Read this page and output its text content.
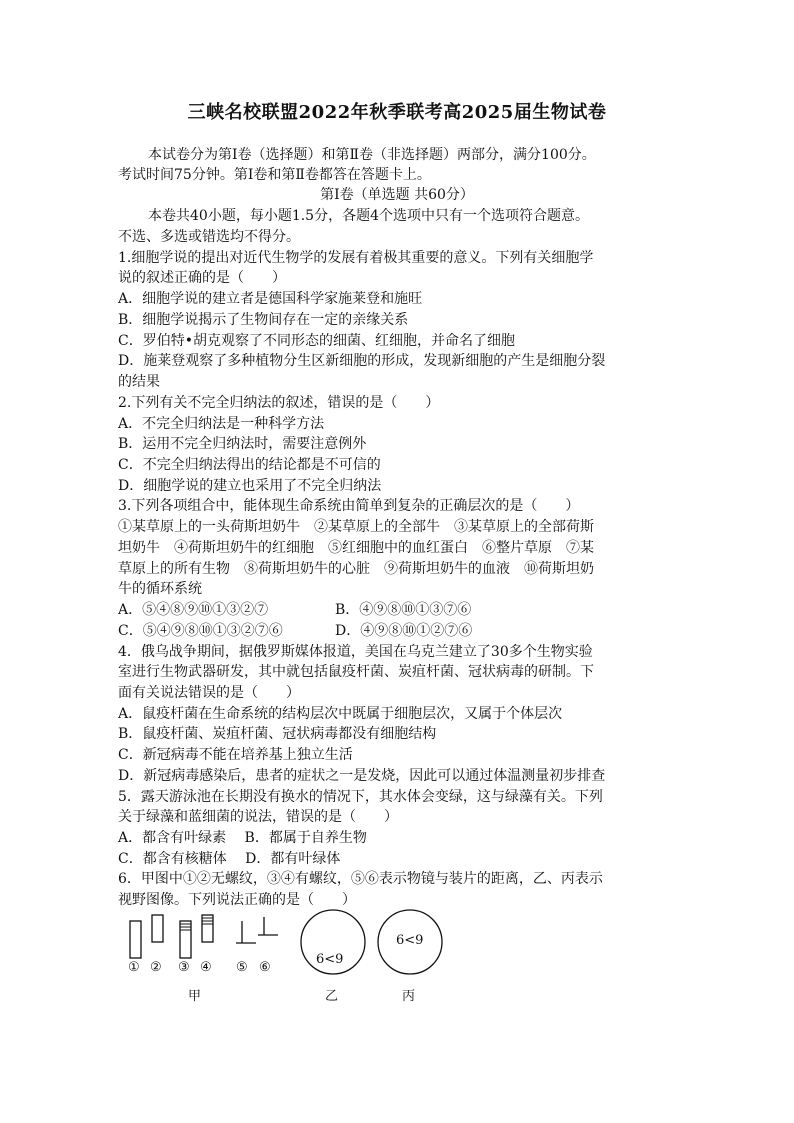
三峡名校联盟2022年秋季联考高2025届生物试卷
本试卷分为第Ⅰ卷（选择题）和第Ⅱ卷（非选择题）两部分，满分100分。
考试时间75分钟。第Ⅰ卷和第Ⅱ卷都答在答题卡上。
第Ⅰ卷（单选题 共60分）
本卷共40小题，每小题1.5分，各题4个选项中只有一个选项符合题意。
不选、多选或错选均不得分。
1.细胞学说的提出对近代生物学的发展有着极其重要的意义。下列有关细胞学
说的叙述正确的是（　　）
A．细胞学说的建立者是德国科学家施莱登和施旺
B．细胞学说揭示了生物间存在一定的亲缘关系
C．罗伯特•胡克观察了不同形态的细菌、红细胞，并命名了细胞
D．施莱登观察了多种植物分生区新细胞的形成，发现新细胞的产生是细胞分裂
的结果
2.下列有关不完全归纳法的叙述，错误的是（　　）
A．不完全归纳法是一种科学方法
B．运用不完全归纳法时，需要注意例外
C．不完全归纳法得出的结论都是不可信的
D．细胞学说的建立也采用了不完全归纳法
3.下列各项组合中，能体现生命系统由简单到复杂的正确层次的是（　　）
①某草原上的一头荷斯坦奶牛　②某草原上的全部牛　③某草原上的全部荷斯
坦奶牛　④荷斯坦奶牛的红细胞　⑤红细胞中的血红蛋白　⑥整片草原　⑦某
草原上的所有生物　⑧荷斯坦奶牛的心脏　⑨荷斯坦奶牛的血液　⑩荷斯坦奶
牛的循环系统
A．⑤④⑧⑨⑩①③②⑦	B．④⑨⑧⑩①③⑦⑥
C．⑤④⑨⑧⑩①③②⑦⑥	D．④⑨⑧⑩①②⑦⑥
4．俄乌战争期间，据俄罗斯媒体报道，美国在乌克兰建立了30多个生物实验
室进行生物武器研发，其中就包括鼠疫杆菌、炭疽杆菌、冠状病毒的研制。下
面有关说法错误的是（　　）
A．鼠疫杆菌在生命系统的结构层次中既属于细胞层次，又属于个体层次
B．鼠疫杆菌、炭疽杆菌、冠状病毒都没有细胞结构
C．新冠病毒不能在培养基上独立生活
D．新冠病毒感染后，患者的症状之一是发烧，因此可以通过体温测量初步排查
5．露天游泳池在长期没有换水的情况下，其水体会变绿，这与绿藻有关。下列
关于绿藻和蓝细菌的说法，错误的是（　　）
A．都含有叶绿素　 B．都属于自养生物
C．都含有核糖体　 D．都有叶绿体
6．甲图中①②无螺纹，③④有螺纹，⑤⑥表示物镜与装片的距离，乙、丙表示
视野图像。下列说法正确的是（　　）
6<9
6<9
① ② ③ ④ ⑤ ⑥
甲	乙	丙
